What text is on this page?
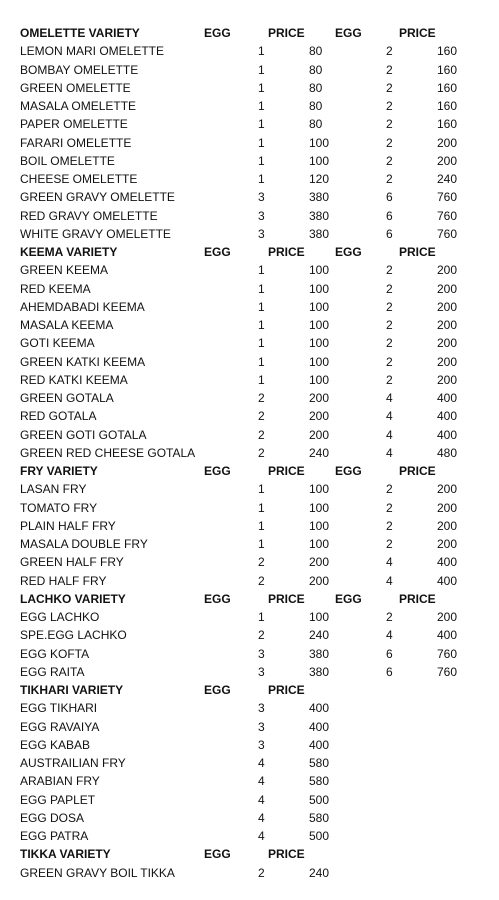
OMELETTE VARIETY	EGG	PRICE	EGG	PRICE
LEMON MARI OMELETTE	1	80	2	160
BOMBAY OMELETTE	1	80	2	160
GREEN OMELETTE	1	80	2	160
MASALA OMELETTE	1	80	2	160
PAPER OMELETTE	1	80	2	160
FARARI OMELETTE	1	100	2	200
BOIL OMELETTE	1	100	2	200
CHEESE OMELETTE	1	120	2	240
GREEN GRAVY OMELETTE	3	380	6	760
RED GRAVY OMELETTE	3	380	6	760
WHITE GRAVY OMELETTE	3	380	6	760
KEEMA VARIETY	EGG	PRICE	EGG	PRICE
GREEN KEEMA	1	100	2	200
RED KEEMA	1	100	2	200
AHEMDABADI KEEMA	1	100	2	200
MASALA KEEMA	1	100	2	200
GOTI KEEMA	1	100	2	200
GREEN KATKI KEEMA	1	100	2	200
RED KATKI KEEMA	1	100	2	200
GREEN GOTALA	2	200	4	400
RED GOTALA	2	200	4	400
GREEN GOTI GOTALA	2	200	4	400
GREEN RED CHEESE GOTALA	2	240	4	480
FRY VARIETY	EGG	PRICE	EGG	PRICE
LASAN FRY	1	100	2	200
TOMATO FRY	1	100	2	200
PLAIN HALF FRY	1	100	2	200
MASALA DOUBLE FRY	1	100	2	200
GREEN HALF FRY	2	200	4	400
RED HALF FRY	2	200	4	400
LACHKO VARIETY	EGG	PRICE	EGG	PRICE
EGG LACHKO	1	100	2	200
SPE.EGG LACHKO	2	240	4	400
EGG KOFTA	3	380	6	760
EGG RAITA	3	380	6	760
TIKHARI VARIETY	EGG	PRICE
EGG TIKHARI	3	400
EGG RAVAIYA	3	400
EGG KABAB	3	400
AUSTRAILIAN FRY	4	580
ARABIAN FRY	4	580
EGG PAPLET	4	500
EGG DOSA	4	580
EGG PATRA	4	500
TIKKA VARIETY	EGG	PRICE
GREEN GRAVY BOIL TIKKA	2	240
